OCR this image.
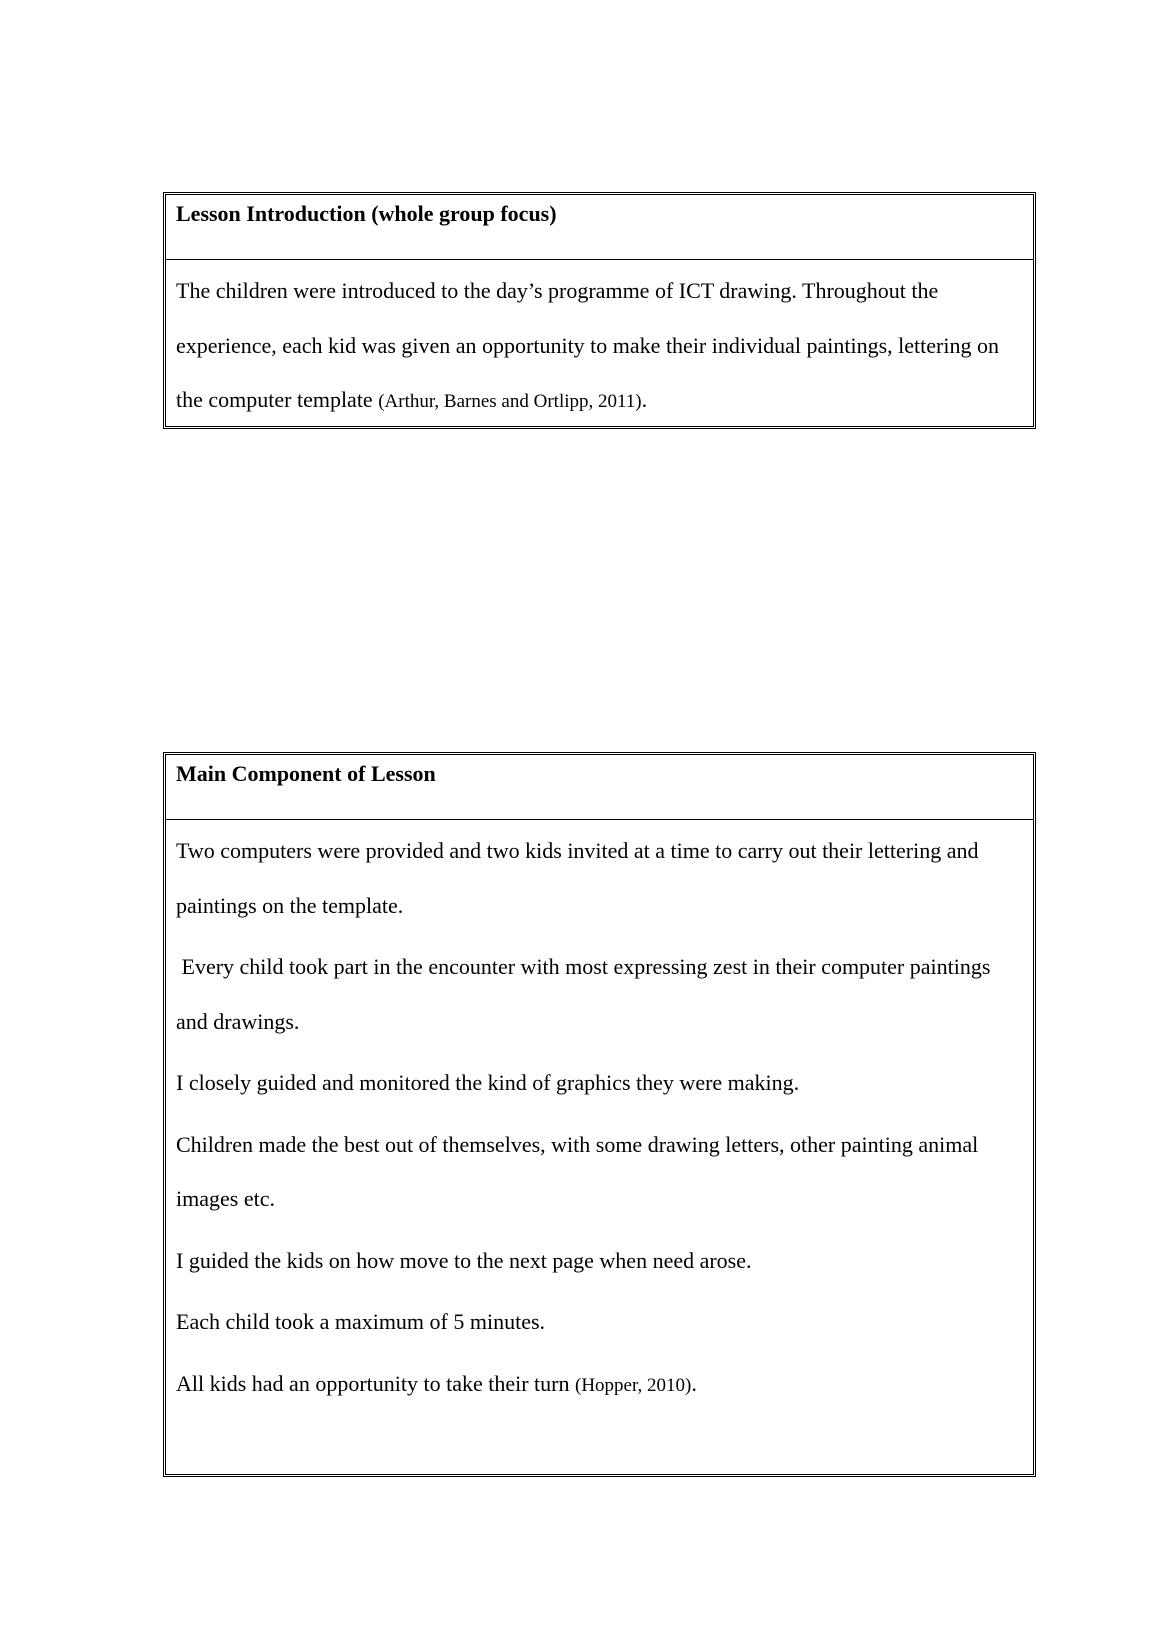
Lesson Introduction (whole group focus)

The children were introduced to the day’s programme of ICT drawing. Throughout the experience, each kid was given an opportunity to make their individual paintings, lettering on the computer template (Arthur, Barnes and Ortlipp, 2011).

Main Component of Lesson

Two computers were provided and two kids invited at a time to carry out their lettering and paintings on the template.

Every child took part in the encounter with most expressing zest in their computer paintings and drawings.

I closely guided and monitored the kind of graphics they were making.

Children made the best out of themselves, with some drawing letters, other painting animal images etc.

I guided the kids on how move to the next page when need arose.

Each child took a maximum of 5 minutes.

All kids had an opportunity to take their turn (Hopper, 2010).
